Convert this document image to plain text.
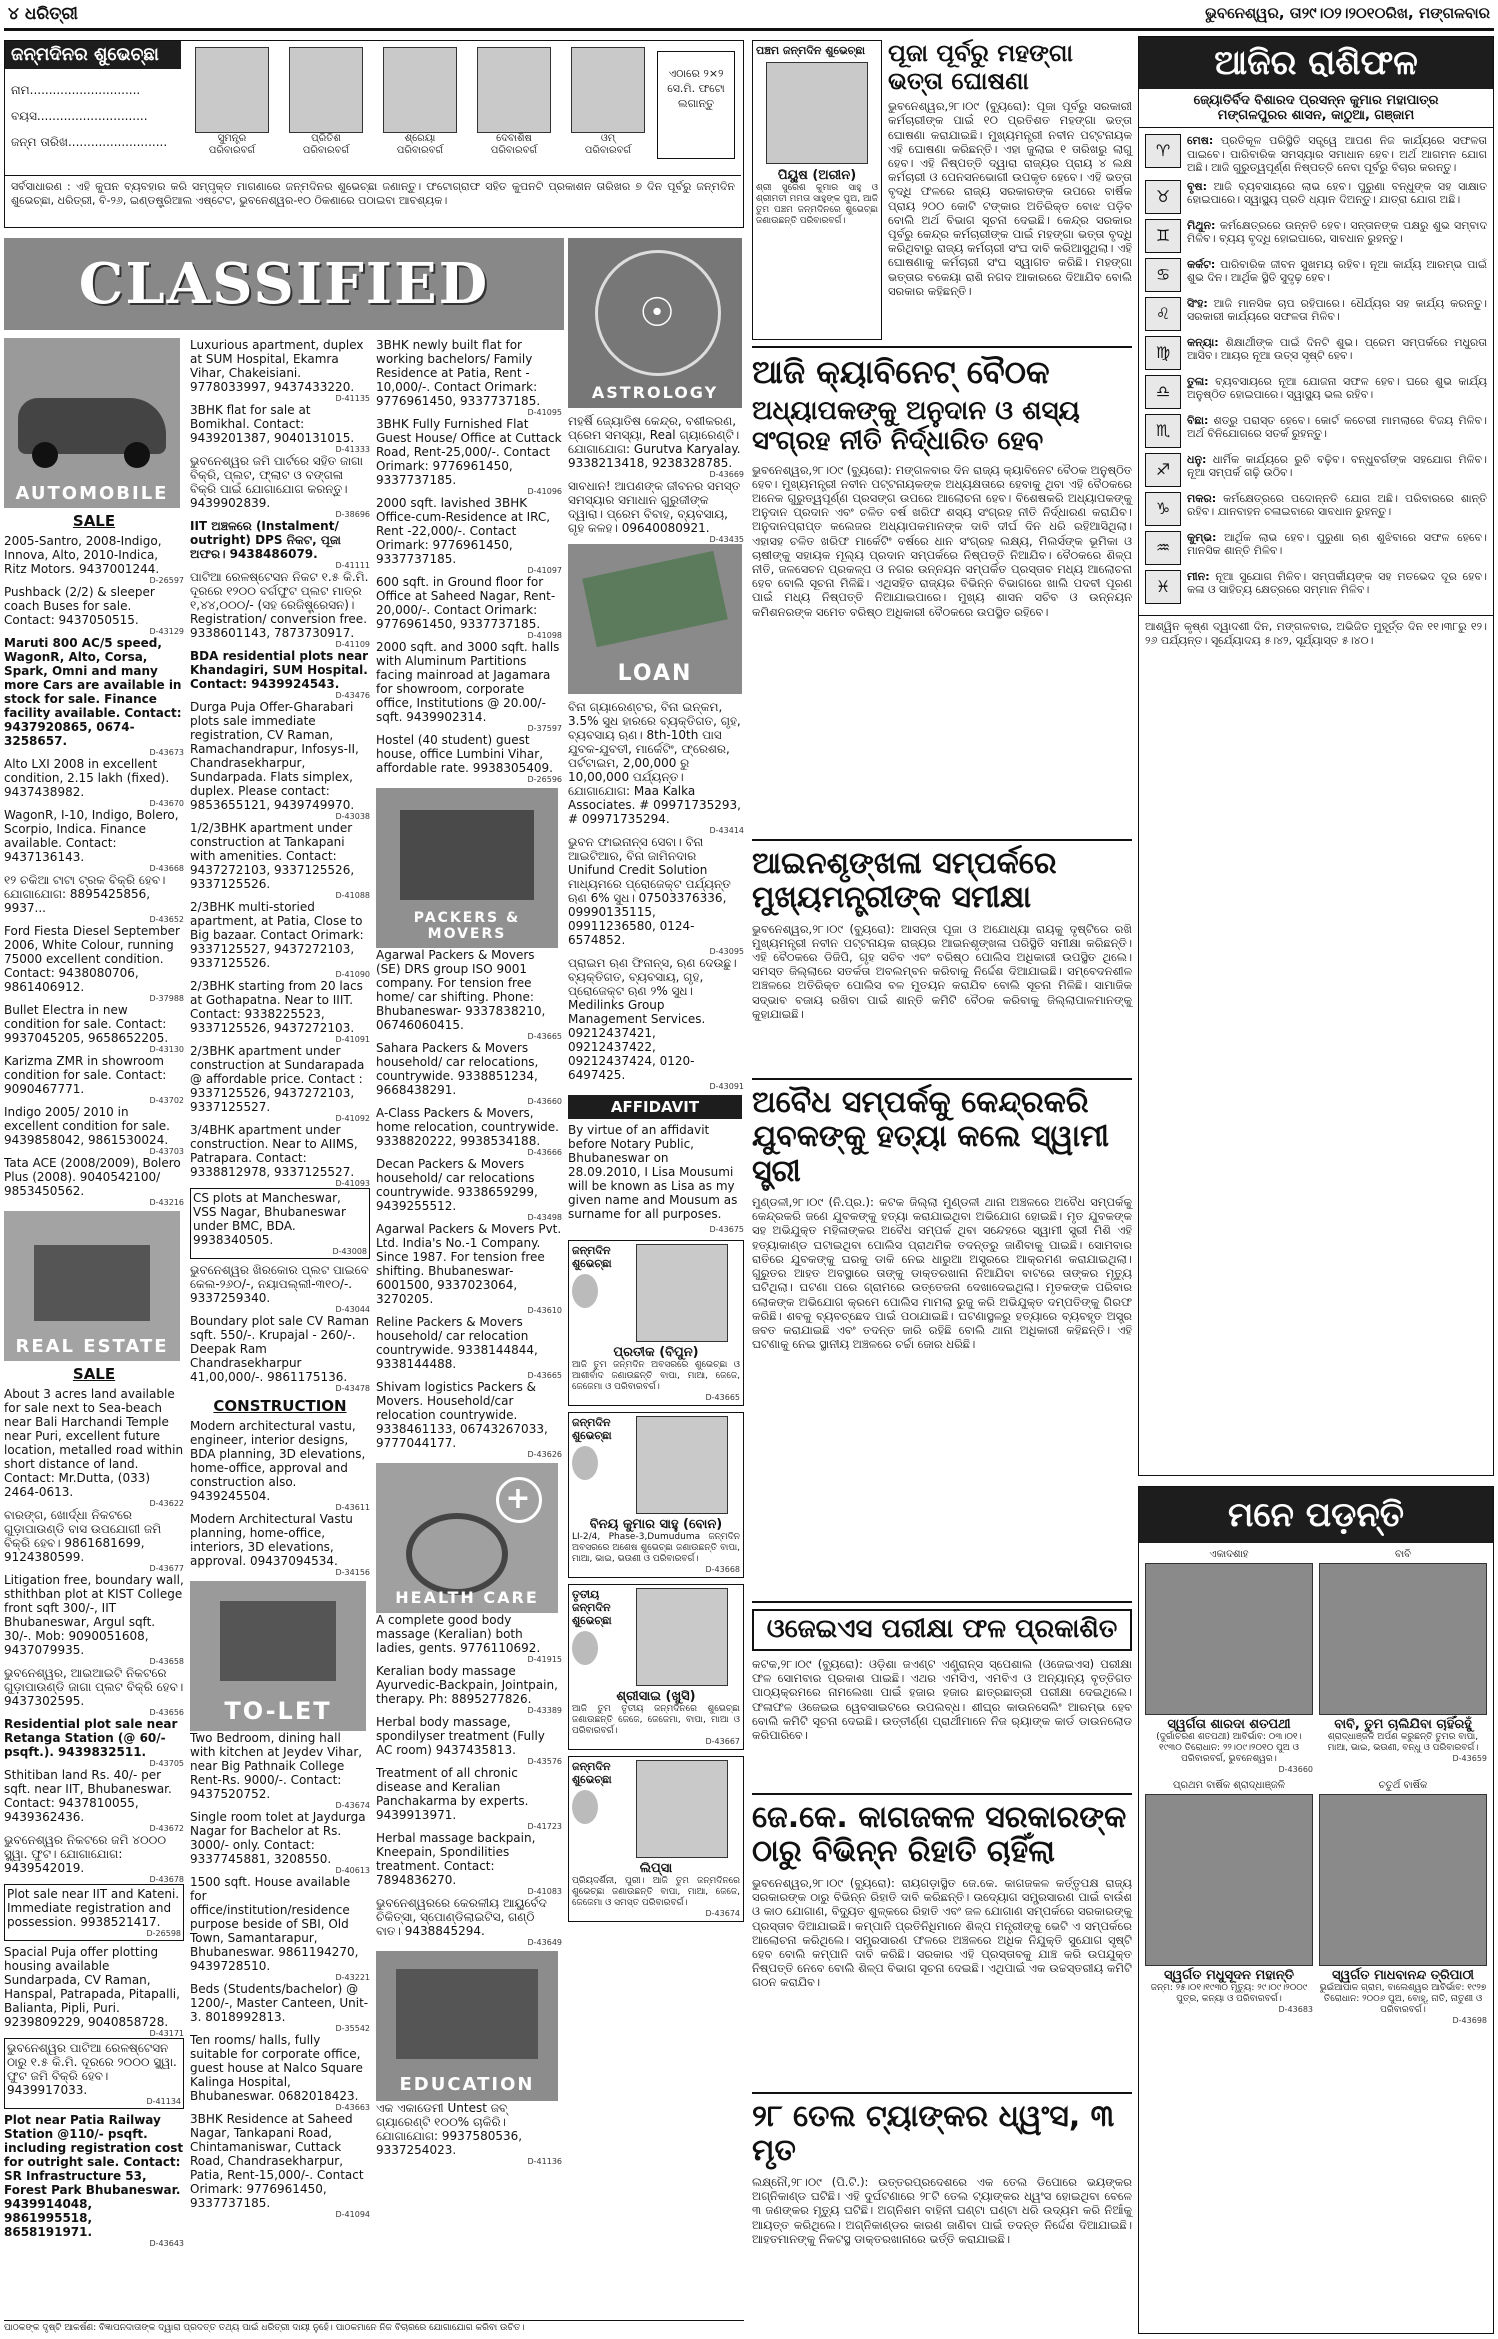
୪ ଧରିତ୍ରୀ	ଭୁବନେଶ୍ୱର, ତା୨୯।୦୨।୨୦୧୦ରିଖ, ମଙ୍ଗଳବାର
ଜନ୍ମଦିନର ଶୁଭେଚ୍ଛା
ନାମ.............................
ବୟସ.............................
ଜନ୍ମ ତାରିଖ..........................	ସୁମନ୍ତ୍ର
ପରିବାରବର୍ଗ
ପ୍ରିତିଶ
ପରିବାରବର୍ଗ
ଶ୍ରେୟା
ପରିବାରବର୍ଗ
ଦେବାଶିଷ
ପରିବାରବର୍ଗ
ଓମ୍
ପରିବାରବର୍ଗ
ଏଠାରେ ୨×୨ ସେ.ମି. ଫଟୋ ଲଗାନ୍ତୁ
ସର୍ବସାଧାରଣ : ଏହି କୁପନ ବ୍ୟବହାର କରି ସମ୍ପୃକ୍ତ ମାଗଣାରେ ଜନ୍ମଦିନର ଶୁଭେଚ୍ଛା ଜଣାନ୍ତୁ। ଫଟୋଗ୍ରାଫ ସହିତ କୁପନଟି ପ୍ରକାଶନ ତାରିଖର ୭ ଦିନ ପୂର୍ବରୁ ଜନ୍ମଦିନ ଶୁଭେଚ୍ଛା, ଧରିତ୍ରୀ, ବି-୨୬, ଇଣ୍ଡଷ୍ଟ୍ରିଆଲ ଏଷ୍ଟେଟ, ଭୁବନେଶ୍ୱର-୧୦ ଠିକଣାରେ ପଠାଇବା ଆବଶ୍ୟକ।
CLASSIFIED
AUTOMOBILE
SALE
2005-Santro, 2008-Indigo, Innova, Alto, 2010-Indica, Ritz Motors. 9437001244.
D-26597
Pushback (2/2) & sleeper coach Buses for sale. Contact: 9437050515.
D-43129
Maruti 800 AC/5 speed, WagonR, Alto, Corsa, Spark, Omni and many more Cars are available in stock for sale. Finance facility available. Contact: 9437920865, 0674-3258657.
D-43673
Alto LXI 2008 in excellent condition, 2.15 lakh (fixed). 9437438982.
D-43670
WagonR, I-10, Indigo, Bolero, Scorpio, Indica. Finance available. Contact: 9437136143.
D-43668
୧୨ ଚକିଆ ଟାଟା ଟ୍ରକ ବିକ୍ରି ହେବ। ଯୋଗାଯୋଗ: 8895425856, 9937...
D-43652
Ford Fiesta Diesel September 2006, White Colour, running 75000 excellent condition. Contact: 9438080706, 9861406912.
D-37988
Bullet Electra in new condition for sale. Contact: 9937045205, 9658652205.
D-43130
Karizma ZMR in showroom condition for sale. Contact: 9090467771.
D-43702
Indigo 2005/ 2010 in excellent condition for sale. 9439858042, 9861530024.
D-43703
Tata ACE (2008/2009), Bolero Plus (2008). 9040542100/ 9853450562.
D-43216
REAL ESTATE
SALE
About 3 acres land available for sale next to Sea-beach near Bali Harchandi Temple near Puri, excellent future location, metalled road within short distance of land. Contact: Mr.Dutta, (033) 2464-0613.
D-43622
ବାରଙ୍ଗ, ଖୋର୍ଦ୍ଧା ନିକଟରେ ଗୁଡ଼ାପାଉଣ୍ଡି ବାସ ଉପଯୋଗୀ ଜମି ବିକ୍ରି ହେବ। 9861681699, 9124380599.
D-43677
Litigation free, boundary wall, sthithban plot at KIST College front sqft 300/-, IIT Bhubaneswar, Argul sqft. 30/-. Mob: 9090051608, 9437079935.
D-43658
ଭୁବନେଶ୍ୱର, ଆଇଆଇଟି ନିକଟରେ ଗୁଡ଼ାପାଉଣ୍ଡି ଜାଗା ପ୍ଲଟ ବିକ୍ରି ହେବ। 9437302595.
D-43656
Residential plot sale near Retanga Station (@ 60/-psqft.). 9439832511.
D-43705
Sthitiban land Rs. 40/- per sqft. near IIT, Bhubaneswar. Contact: 9437810055, 9439362436.
D-43672
ଭୁବନେଶ୍ୱର ନିକଟରେ ଜମି ୪୦୦୦ ସ୍କ୍ୱା. ଫୁଟ। ଯୋଗାଯୋଗ: 9439542019.
D-43678
Plot sale near IIT and Kateni. Immediate registration and possession. 9938521417.
D-26598
Spacial Puja offer plotting housing available Sundarpada, CV Raman, Hanspal, Patrapada, Pitapalli, Balianta, Pipli, Puri. 9239809229, 9040858728.
D-43171
ଭୁବନେଶ୍ୱର ପାଟିଆ ରେଳଷ୍ଟେସନ ଠାରୁ ୧.୫ କି.ମି. ଦୂରରେ ୨୦୦୦ ସ୍କ୍ୱା. ଫୁଟ ଜମି ବିକ୍ରି ହେବ। 9439917033.
D-41134
Plot near Patia Railway Station @110/- psqft. including registration cost for outright sale. Contact: SR Infrastructure 53, Forest Park Bhubaneswar. 9439914048, 9861995518, 8658191971.
D-43643
Luxurious apartment, duplex at SUM Hospital, Ekamra Vihar, Chakeisiani. 9778033997, 9437433220.
D-41135
3BHK flat for sale at Bomikhal. Contact: 9439201387, 9040131015.
D-41333
ଭୁବନେଶ୍ୱର ଜମି ପାର୍ଟରେ ସହିତ ଜାଗା ବିକ୍ରି, ପ୍ଲଟ, ଫ୍ଲାଟ ଓ ବଙ୍ଗଳା ବିକ୍ରି ପାଇଁ ଯୋଗାଯୋଗ କରନ୍ତୁ। 9439902839.
D-38696
IIT ଅଞ୍ଚଳରେ (Instalment/ outright) DPS ନିକଟ, ପୂଜା ଅଫର। 9438486079.
D-41111
ପାଟିଆ ରେଳଷ୍ଟେସନ ନିକଟ ୧.୫ କି.ମି. ଦୂରରେ ୧୨୦୦ ବର୍ଗଫୁଟ ପ୍ଲଟ ମାତ୍ର ୧,୪୪,୦୦୦/- (ସହ ରେଜିଷ୍ଟ୍ରେସନ)। Registration/ conversion free. 9338601143, 7873730917.
D-41109
BDA residential plots near Khandagiri, SUM Hospital. Contact: 9439924543.
D-43476
Durga Puja Offer-Gharabari plots sale immediate registration, CV Raman, Ramachandrapur, Infosys-II, Chandrasekharpur, Sundarpada. Flats simplex, duplex. Please contact: 9853655121, 9439749970.
D-43038
1/2/3BHK apartment under construction at Tankapani with amenities. Contact: 9437272103, 9337125526, 9337125526.
D-41088
2/3BHK multi-storied apartment, at Patia, Close to Big bazaar. Contact Orimark: 9337125527, 9437272103, 9337125526.
D-41090
2/3BHK starting from 20 lacs at Gothapatna. Near to IIIT. Contact: 9338225523, 9337125526, 9437272103.
D-41091
2/3BHK apartment under construction at Sundarapada @ affordable price. Contact : 9337125526, 9437272103, 9337125527.
D-41092
3/4BHK apartment under construction. Near to AIIMS, Patrapara. Contact: 9338812978, 9337125527.
D-41093
CS plots at Mancheswar, VSS Nagar, Bhubaneswar under BMC, BDA. 9938340505.
D-43008
ଭୁବନେଶ୍ୱର ଖିରକୋର ପ୍ଲଟ ପାଇବେ କେଲ-୨୬୦/-, ନୟାପଲ୍ଲୀ-୩୧୦/-. 9337259340.
D-43044
Boundary plot sale CV Raman sqft. 550/-. Krupajal - 260/-. Deepak Ram Chandrasekharpur 41,00,000/-. 9861175136.
D-43478
CONSTRUCTION
Modern architectural vastu, engineer, interior designs, BDA planning, 3D elevations, home-office, approval and construction also. 9439245504.
D-43611
Modern Architectural Vastu planning, home-office, interiors, 3D elevations, approval. 09437094534.
D-34156
TO-LET
Two Bedroom, dining hall with kitchen at Jeydev Vihar, near Big Pathnaik College Rent-Rs. 9000/-. Contact: 9437520752.
D-43674
Single room tolet at Jaydurga Nagar for Bachelor at Rs. 3000/- only. Contact: 9337745881, 3208550.
D-40613
1500 sqft. House available for office/institution/residence purpose beside of SBI, Old Town, Samantarapur, Bhubaneswar. 9861194270, 9439728510.
D-43221
Beds (Students/bachelor) @ 1200/-, Master Canteen, Unit-3. 8018992813.
D-35542
Ten rooms/ halls, fully suitable for corporate office, guest house at Nalco Square Kalinga Hospital, Bhubaneswar. 0682018423.
D-43663
3BHK Residence at Saheed Nagar, Tankapani Road, Chintamaniswar, Cuttack Road, Chandrasekharpur, Patia, Rent-15,000/-. Contact Orimark: 9776961450, 9337737185.
D-41094
3BHK newly built flat for working bachelors/ Family Residence at Patia, Rent - 10,000/-. Contact Orimark: 9776961450, 9337737185.
D-41095
3BHK Fully Furnished Flat Guest House/ Office at Cuttack Road, Rent-25,000/-. Contact Orimark: 9776961450, 9337737185.
D-41096
2000 sqft. lavished 3BHK Office-cum-Residence at IRC, Rent -22,000/-. Contact Orimark: 9776961450, 9337737185.
D-41097
600 sqft. in Ground floor for Office at Saheed Nagar, Rent-20,000/-. Contact Orimark: 9776961450, 9337737185.
D-41098
2000 sqft. and 3000 sqft. halls with Aluminum Partitions facing mainroad at Jagamara for showroom, corporate office, Institutions @ 20.00/- sqft. 9439902314.
D-37597
Hostel (40 student) guest house, office Lumbini Vihar, affordable rate. 9938305409.
D-26596
PACKERS & MOVERS
Agarwal Packers & Movers (SE) DRS group ISO 9001 company. For tension free home/ car shifting. Phone: Bhubaneswar- 9337838210, 06746060415.
D-43665
Sahara Packers & Movers household/ car relocations, countrywide. 9338851234, 9668438291.
D-43660
A-Class Packers & Movers, home relocation, countrywide. 9338820222, 9938534188.
D-43666
Decan Packers & Movers household/ car relocations countrywide. 9338659299, 9439255512.
D-43498
Agarwal Packers & Movers Pvt. Ltd. India's No.-1 Company. Since 1987. For tension free shifting. Bhubaneswar- 6001500, 9337023064, 3270205.
D-43610
Reline Packers & Movers household/ car relocation countrywide. 9338144844, 9338144488.
D-43665
Shivam logistics Packers & Movers. Household/car relocation countrywide. 9338461133, 06743267033, 9777044177.
D-43626
+
HEALTH CARE
A complete good body massage (Keralian) both ladies, gents. 9776110692.
D-41915
Keralian body massage Ayurvedic-Backpain, Jointpain, therapy. Ph: 8895277826.
D-43389
Herbal body massage, spondilyser treatment (Fully AC room) 9437435813.
D-43576
Treatment of all chronic disease and Keralian Panchakarma by experts. 9439913971.
D-41723
Herbal massage backpain, Kneepain, Spondilities treatment. Contact: 7894836270.
D-41083
ଭୁବନେଶ୍ୱରରେ କେରଳୀୟ ଆୟୁର୍ବେଦ ଚିକିତ୍ସା, ସ୍ପୋଣ୍ଡିଲାଇଟିସ, ଗଣ୍ଠି ବାତ। 9438845294.
D-43649
EDUCATION
ଏକ ଏକାଡେମୀ Untest ଜବ୍‌ ଗ୍ୟାରେଣ୍ଟି ୧୦୦% ଚାକିରି। ଯୋଗାଯୋଗ: 9937580536, 9337254023.
D-41136
☉
ASTROLOGY
ମହର୍ଷି ଜ୍ୟୋତିଷ କେନ୍ଦ୍ର, ବଶୀକରଣ, ପ୍ରେମ ସମସ୍ୟା, Real ଗ୍ୟାରେଣ୍ଟି। ଯୋଗାଯୋଗ: Gurutva Karyalay. 9338213418, 9238328785.
D-43669
ସାବଧାନ! ଆପଣଙ୍କ ଜୀବନର ସମସ୍ତ ସମସ୍ୟାର ସମାଧାନ ଗୁରୁଜୀଙ୍କ ଦ୍ୱାରା। ପ୍ରେମ ବିବାହ, ବ୍ୟବସାୟ, ଗୃହ କଳହ। 09640080921.
D-43435
LOAN
ବିନା ଗ୍ୟାରେଣ୍ଟର, ବିନା ଇନ୍‌କମ, 3.5% ସୁଧ ହାରରେ ବ୍ୟକ୍ତିଗତ, ଗୃହ, ବ୍ୟବସାୟ ଋଣ। 8th-10th ପାସ ଯୁବକ-ଯୁବତୀ, ମାର୍କେଟିଂ, ଫ୍ରେଶର, ପର୍ଟଟାଇମ, 2,00,000 ରୁ 10,00,000 ପର୍ଯ୍ୟନ୍ତ। ଯୋଗାଯୋଗ: Maa Kalka Associates. # 09971735293, # 09971735294.
D-43414
ଭୁବନ ଫାଇନାନ୍ସ ସେବା। ବିନା ଆଇଟିଆର, ବିନା ଜାମିନଦାର Unifund Credit Solution ମାଧ୍ୟମରେ ପ୍ରୋଜେକ୍ଟ ପର୍ଯ୍ୟନ୍ତ ଋଣ 6% ସୁଧ। 07503376336, 09990135115, 09911236580, 0124-6574852.
D-43095
ପ୍ରାଇମ ଋଣ ଫିନାନ୍ସ, ଋଣ ଦେଉଛୁ। ବ୍ୟକ୍ତିଗତ, ବ୍ୟବସାୟ, ଗୃହ, ପ୍ରୋଜେକ୍ଟ ଋଣ ୨% ସୁଧ। Medilinks Group Management Services. 09212437421, 09212437422, 09212437424, 0120-6497425.
D-43091
AFFIDAVIT
By virtue of an affidavit before Notary Public, Bhubaneswar on 28.09.2010, I Lisa Mousumi will be known as Lisa as my given name and Mousum as surname for all purposes.
D-43675
ଜନ୍ମଦିନ ଶୁଭେଚ୍ଛା
ପ୍ରତୀକ (ବିପୁନ)
ଆଜି ତୁମ ଜନ୍ମଦିନ ଅବସରରେ ଶୁଭେଚ୍ଛା ଓ ଆଶୀର୍ବାଦ ଜଣାଉଛନ୍ତି ବାପା, ମାଆ, ଜେଜେ, ଜେଜେମା ଓ ପରିବାରବର୍ଗ।
D-43665
ଜନ୍ମଦିନ ଶୁଭେଚ୍ଛା
ବିନୟ କୁମାର ସାହୁ (ବୋନ)
LI-2/4, Phase-3,Dumuduma ଜନ୍ମଦିନ ଅବସରରେ ଅଶେଷ ଶୁଭେଚ୍ଛା ଜଣାଉଛନ୍ତି ବାପା, ମାଆ, ଭାଇ, ଭଉଣୀ ଓ ପରିବାରବର୍ଗ।
D-43668
ତୃତୀୟ ଜନ୍ମଦିନ ଶୁଭେଚ୍ଛା
ଶ୍ରୀସାଇ (ଖୁସି)
ଆଜି ତୁମ ତୃତୀୟ ଜନ୍ମଦିନରେ ଶୁଭେଚ୍ଛା ଜଣାଉଛନ୍ତି ଜେଜେ, ଜେଜେମା, ବାପା, ମାଆ ଓ ପରିବାରବର୍ଗ।
D-43667
ଜନ୍ମଦିନ ଶୁଭେଚ୍ଛା
ଲିପ୍‌ସା
ପ୍ରିୟଦର୍ଶିନୀ, ପୁରୀ। ଆଜି ତୁମ ଜନ୍ମଦିନରେ ଶୁଭେଚ୍ଛା ଜଣାଉଛନ୍ତି ବାପା, ମାଆ, ଜେଜେ, ଜେଜେମା ଓ ସମସ୍ତ ପରିବାରବର୍ଗ।
D-43674
ପାଠକଙ୍କ ଦୃଷ୍ଟି ଆକର୍ଷଣ: ବିଜ୍ଞାପନଦାତାଙ୍କ ଦ୍ୱାରା ପ୍ରଦତ୍ତ ତଥ୍ୟ ପାଇଁ ଧରିତ୍ରୀ ଦାୟୀ ନୁହେଁ। ପାଠକମାନେ ନିଜ ବିଚାରରେ ଯୋଗାଯୋଗ କରିବା ଉଚିତ।
ପଞ୍ଚମ ଜନ୍ମଦିନ ଶୁଭେଚ୍ଛା
ପିୟୁଷ (ଅରୀନ)
ଶ୍ରୀ ସୁରେଶ କୁମାର ସାହୁ ଓ ଶ୍ରୀମତୀ ମମତା ସାହୁଙ୍କ ପୁଅ, ଆଜି ତୁମ ପଞ୍ଚମ ଜନ୍ମଦିନରେ ଶୁଭେଚ୍ଛା ଜଣାଉଛନ୍ତି ପରିବାରବର୍ଗ।
ପୂଜା ପୂର୍ବରୁ ମହଙ୍ଗା ଭତ୍ତା ଘୋଷଣା
ଭୁବନେଶ୍ୱର,୨୮।୦୯ (ବ୍ୟୁରୋ): ପୂଜା ପୂର୍ବରୁ ସରକାରୀ କର୍ମଚାରୀଙ୍କ ପାଇଁ ୧୦ ପ୍ରତିଶତ ମହଙ୍ଗା ଭତ୍ତା ଘୋଷଣା କରାଯାଇଛି। ମୁଖ୍ୟମନ୍ତ୍ରୀ ନବୀନ ପଟ୍ଟନାୟକ ଏହି ଘୋଷଣା କରିଛନ୍ତି। ଏହା ଜୁଲାଇ ୧ ତାରିଖରୁ ଲାଗୁ ହେବ। ଏହି ନିଷ୍ପତ୍ତି ଦ୍ୱାରା ରାଜ୍ୟର ପ୍ରାୟ ୪ ଲକ୍ଷ କର୍ମଚାରୀ ଓ ପେନସନଭୋଗୀ ଉପକୃତ ହେବେ। ଏହି ଭତ୍ତା ବୃଦ୍ଧି ଫଳରେ ରାଜ୍ୟ ସରକାରଙ୍କ ଉପରେ ବାର୍ଷିକ ପ୍ରାୟ ୨୦୦ କୋଟି ଟଙ୍କାର ଅତିରିକ୍ତ ବୋଝ ପଡ଼ିବ ବୋଲି ଅର୍ଥ ବିଭାଗ ସୂଚନା ଦେଇଛି। କେନ୍ଦ୍ର ସରକାର ପୂର୍ବରୁ କେନ୍ଦ୍ର କର୍ମଚାରୀଙ୍କ ପାଇଁ ମହଙ୍ଗା ଭତ୍ତା ବୃଦ୍ଧି କରିଥିବାରୁ ରାଜ୍ୟ କର୍ମଚାରୀ ସଂଘ ଦାବି କରିଆସୁଥିଲା। ଏହି ଘୋଷଣାକୁ କର୍ମଚାରୀ ସଂଘ ସ୍ୱାଗତ କରିଛି। ମହଙ୍ଗା ଭତ୍ତାର ବକେୟା ରାଶି ନଗଦ ଆକାରରେ ଦିଆଯିବ ବୋଲି ସରକାର କହିଛନ୍ତି।
ଆଜି କ୍ୟାବିନେଟ୍ ବୈଠକ
ଅଧ୍ୟାପକଙ୍କୁ ଅନୁଦାନ ଓ ଶସ୍ୟ ସଂଗ୍ରହ ନୀତି ନିର୍ଦ୍ଧାରିତ ହେବ
ଭୁବନେଶ୍ୱର,୨୮।୦୯ (ବ୍ୟୁରୋ): ମଙ୍ଗଳବାର ଦିନ ରାଜ୍ୟ କ୍ୟାବିନେଟ ବୈଠକ ଅନୁଷ୍ଠିତ ହେବ। ମୁଖ୍ୟମନ୍ତ୍ରୀ ନବୀନ ପଟ୍ଟନାୟକଙ୍କ ଅଧ୍ୟକ୍ଷତାରେ ହେବାକୁ ଥିବା ଏହି ବୈଠକରେ ଅନେକ ଗୁରୁତ୍ୱପୂର୍ଣ୍ଣ ପ୍ରସଙ୍ଗ ଉପରେ ଆଲୋଚନା ହେବ। ବିଶେଷକରି ଅଧ୍ୟାପକଙ୍କୁ ଅନୁଦାନ ପ୍ରଦାନ ଏବଂ ଚଳିତ ବର୍ଷ ଖରିଫ ଶସ୍ୟ ସଂଗ୍ରହ ନୀତି ନିର୍ଦ୍ଧାରଣ କରାଯିବ। ଅନୁଦାନପ୍ରାପ୍ତ କଲେଜର ଅଧ୍ୟାପକମାନଙ୍କ ଦାବି ଦୀର୍ଘ ଦିନ ଧରି ରହିଆସିଥିଲା। ଏହାସହ ଚଳିତ ଖରିଫ ମାର୍କେଟିଂ ବର୍ଷରେ ଧାନ ସଂଗ୍ରହ ଲକ୍ଷ୍ୟ, ମିଲର୍ସଙ୍କ ଭୂମିକା ଓ ଚାଷୀଙ୍କୁ ସହାୟକ ମୂଲ୍ୟ ପ୍ରଦାନ ସମ୍ପର୍କରେ ନିଷ୍ପତ୍ତି ନିଆଯିବ। ବୈଠକରେ ଶିଳ୍ପ ନୀତି, ଜଳସେଚନ ପ୍ରକଳ୍ପ ଓ ନଗର ଉନ୍ନୟନ ସମ୍ପର୍କିତ ପ୍ରସ୍ତାବ ମଧ୍ୟ ଆଲୋଚନା ହେବ ବୋଲି ସୂଚନା ମିଳିଛି। ଏଥିସହିତ ରାଜ୍ୟର ବିଭିନ୍ନ ବିଭାଗରେ ଖାଲି ପଦବୀ ପୂରଣ ପାଇଁ ମଧ୍ୟ ନିଷ୍ପତ୍ତି ନିଆଯାଇପାରେ। ମୁଖ୍ୟ ଶାସନ ସଚିବ ଓ ଉନ୍ନୟନ କମିଶନରଙ୍କ ସମେତ ବରିଷ୍ଠ ଅଧିକାରୀ ବୈଠକରେ ଉପସ୍ଥିତ ରହିବେ।
ଆଇନଶୃଙ୍ଖଳା ସମ୍ପର୍କରେ ମୁଖ୍ୟମନ୍ତ୍ରୀଙ୍କ ସମୀକ୍ଷା
ଭୁବନେଶ୍ୱର,୨୮।୦୯ (ବ୍ୟୁରୋ): ଆସନ୍ତା ପୂଜା ଓ ଅଯୋଧ୍ୟା ରାୟକୁ ଦୃଷ୍ଟିରେ ରଖି ମୁଖ୍ୟମନ୍ତ୍ରୀ ନବୀନ ପଟ୍ଟନାୟକ ରାଜ୍ୟର ଆଇନଶୃଙ୍ଖଳା ପରିସ୍ଥିତି ସମୀକ୍ଷା କରିଛନ୍ତି। ଏହି ବୈଠକରେ ଡିଜିପି, ଗୃହ ସଚିବ ଏବଂ ବରିଷ୍ଠ ପୋଲିସ ଅଧିକାରୀ ଉପସ୍ଥିତ ଥିଲେ। ସମସ୍ତ ଜିଲ୍ଲାରେ ସତର୍କତା ଅବଲମ୍ବନ କରିବାକୁ ନିର୍ଦ୍ଦେଶ ଦିଆଯାଇଛି। ସମ୍ବେଦନଶୀଳ ଅଞ୍ଚଳରେ ଅତିରିକ୍ତ ପୋଲିସ ବଳ ମୁତୟନ କରାଯିବ ବୋଲି ସୂଚନା ମିଳିଛି। ସାମାଜିକ ସଦ୍‌ଭାବ ବଜାୟ ରଖିବା ପାଇଁ ଶାନ୍ତି କମିଟି ବୈଠକ କରିବାକୁ ଜିଲ୍ଲାପାଳମାନଙ୍କୁ କୁହାଯାଇଛି।
ଅବୈଧ ସମ୍ପର୍କକୁ କେନ୍ଦ୍ରକରି ଯୁବକଙ୍କୁ ହତ୍ୟା କଲେ ସ୍ୱାମୀ ସ୍ତ୍ରୀ
ମୁଣ୍ଡଳୀ,୨୮।୦୯ (ନି.ପ୍ର.): କଟକ ଜିଲ୍ଲା ମୁଣ୍ଡଳୀ ଥାନା ଅଞ୍ଚଳରେ ଅବୈଧ ସମ୍ପର୍କକୁ କେନ୍ଦ୍ରକରି ଜଣେ ଯୁବକଙ୍କୁ ହତ୍ୟା କରାଯାଇଥିବା ଅଭିଯୋଗ ହୋଇଛି। ମୃତ ଯୁବକଙ୍କ ସହ ଅଭିଯୁକ୍ତ ମହିଳାଙ୍କର ଅବୈଧ ସମ୍ପର୍କ ଥିବା ସନ୍ଦେହରେ ସ୍ୱାମୀ ସ୍ତ୍ରୀ ମିଶି ଏହି ହତ୍ୟାକାଣ୍ଡ ଘଟାଇଥିବା ପୋଲିସ ପ୍ରାଥମିକ ତଦନ୍ତରୁ ଜାଣିବାକୁ ପାଇଛି। ସୋମବାର ରାତିରେ ଯୁବକଙ୍କୁ ଘରକୁ ଡାକି ନେଇ ଧାରୁଆ ଅସ୍ତ୍ରରେ ଆକ୍ରମଣ କରାଯାଇଥିଲା। ଗୁରୁତର ଆହତ ଅବସ୍ଥାରେ ତାଙ୍କୁ ଡାକ୍ତରଖାନା ନିଆଯିବା ବାଟରେ ତାଙ୍କର ମୃତ୍ୟୁ ଘଟିଥିଲା। ଘଟଣା ପରେ ଗ୍ରାମରେ ଉତ୍ତେଜନା ଦେଖାଦେଇଥିଲା। ମୃତକଙ୍କ ପରିବାର ଲୋକଙ୍କ ଅଭିଯୋଗ କ୍ରମେ ପୋଲିସ ମାମଲା ରୁଜୁ କରି ଅଭିଯୁକ୍ତ ଦମ୍ପତିଙ୍କୁ ଗିରଫ କରିଛି। ଶବକୁ ବ୍ୟବଚ୍ଛେଦ ପାଇଁ ପଠାଯାଇଛି। ଘଟଣାସ୍ଥଳରୁ ହତ୍ୟାରେ ବ୍ୟବହୃତ ଅସ୍ତ୍ର ଜବତ କରାଯାଇଛି ଏବଂ ତଦନ୍ତ ଜାରି ରହିଛି ବୋଲି ଥାନା ଅଧିକାରୀ କହିଛନ୍ତି। ଏହି ଘଟଣାକୁ ନେଇ ସ୍ଥାନୀୟ ଅଞ୍ଚଳରେ ଚର୍ଚ୍ଚା ଜୋର ଧରିଛି।
ଓଜେଇଏସ ପରୀକ୍ଷା ଫଳ ପ୍ରକାଶିତ
କଟକ,୨୮।୦୯ (ବ୍ୟୁରୋ): ଓଡ଼ିଶା ଜଏଣ୍ଟ ଏଣ୍ଟ୍ରାନ୍ସ ସ୍ପେଶାଲ (ଓଜେଇଏସ) ପରୀକ୍ଷା ଫଳ ସୋମବାର ପ୍ରକାଶ ପାଇଛି। ଏଥର ଏମସିଏ, ଏମବିଏ ଓ ଅନ୍ୟାନ୍ୟ ବୃତ୍ତିଗତ ପାଠ୍ୟକ୍ରମରେ ନାମଲେଖା ପାଇଁ ହଜାର ହଜାର ଛାତ୍ରଛାତ୍ରୀ ପରୀକ୍ଷା ଦେଇଥିଲେ। ଫଳାଫଳ ଓଜେଇଇ ୱେବସାଇଟରେ ଉପଲବ୍ଧ। ଶୀଘ୍ର କାଉନସେଲିଂ ଆରମ୍ଭ ହେବ ବୋଲି କମିଟି ସୂଚନା ଦେଇଛି। ଉତ୍ତୀର୍ଣ୍ଣ ପ୍ରାର୍ଥୀମାନେ ନିଜ ର‍୍ୟାଙ୍କ କାର୍ଡ ଡାଉନଲୋଡ କରିପାରିବେ।
ଜେ.କେ. କାଗଜକଳ ସରକାରଙ୍କ ଠାରୁ ବିଭିନ୍ନ ରିହାତି ଚାହିଁଲା
ଭୁବନେଶ୍ୱର,୨୮।୦୯ (ବ୍ୟୁରୋ): ରାୟଗଡ଼ାସ୍ଥିତ ଜେ.କେ. କାଗଜକଳ କର୍ତ୍ତୃପକ୍ଷ ରାଜ୍ୟ ସରକାରଙ୍କ ଠାରୁ ବିଭିନ୍ନ ରିହାତି ଦାବି କରିଛନ୍ତି। ଉଦ୍ୟୋଗ ସମ୍ପ୍ରସାରଣ ପାଇଁ ବାଉଁଶ ଓ କାଠ ଯୋଗାଣ, ବିଦ୍ୟୁତ ଶୁଳ୍କରେ ରିହାତି ଏବଂ ଜଳ ଯୋଗାଣ ସମ୍ପର୍କରେ ସରକାରଙ୍କୁ ପ୍ରସ୍ତାବ ଦିଆଯାଇଛି। କମ୍ପାନି ପ୍ରତିନିଧିମାନେ ଶିଳ୍ପ ମନ୍ତ୍ରୀଙ୍କୁ ଭେଟି ଏ ସମ୍ପର୍କରେ ଆଲୋଚନା କରିଥିଲେ। ସମ୍ପ୍ରସାରଣ ଫଳରେ ଅଞ୍ଚଳରେ ଅଧିକ ନିଯୁକ୍ତି ସୁଯୋଗ ସୃଷ୍ଟି ହେବ ବୋଲି କମ୍ପାନି ଦାବି କରିଛି। ସରକାର ଏହି ପ୍ରସ୍ତାବକୁ ଯାଞ୍ଚ କରି ଉପଯୁକ୍ତ ନିଷ୍ପତ୍ତି ନେବେ ବୋଲି ଶିଳ୍ପ ବିଭାଗ ସୂଚନା ଦେଇଛି। ଏଥିପାଇଁ ଏକ ଉଚ୍ଚସ୍ତରୀୟ କମିଟି ଗଠନ କରାଯିବ।
୨୮ ତେଲ ଟ୍ୟାଙ୍କର ଧ୍ୱଂସ, ୩ ମୃତ
ଲକ୍ଷ୍ନୌ,୨୮।୦୯ (ପି.ଟି.): ଉତ୍ତରପ୍ରଦେଶରେ ଏକ ତେଲ ଡିପୋରେ ଭୟଙ୍କର ଅଗ୍ନିକାଣ୍ଡ ଘଟିଛି। ଏହି ଦୁର୍ଘଟଣାରେ ୨୮ଟି ତେଲ ଟ୍ୟାଙ୍କର ଧ୍ୱଂସ ହୋଇଥିବା ବେଳେ ୩ ଜଣଙ୍କର ମୃତ୍ୟୁ ଘଟିଛି। ଅଗ୍ନିଶମ ବାହିନୀ ଘଣ୍ଟା ଘଣ୍ଟା ଧରି ଉଦ୍ୟମ କରି ନିଆଁକୁ ଆୟତ୍ତ କରିଥିଲେ। ଅଗ୍ନିକାଣ୍ଡର କାରଣ ଜାଣିବା ପାଇଁ ତଦନ୍ତ ନିର୍ଦ୍ଦେଶ ଦିଆଯାଇଛି। ଆହତମାନଙ୍କୁ ନିକଟସ୍ଥ ଡାକ୍ତରଖାନାରେ ଭର୍ତ୍ତି କରାଯାଇଛି।
ଆଜିର ରାଶିଫଳ
ଜ୍ୟୋତିର୍ବିଦ ବିଶାରଦ ପ୍ରସନ୍ନ କୁମାର ମହାପାତ୍ର
ମଙ୍ଗଳପୁରର ଶାସନ, କାଠୁଆ, ଗଞ୍ଜାମ
♈
ମେଷ: ପ୍ରତିକୂଳ ପରିସ୍ଥିତି ସତ୍ତ୍ୱେ ଆପଣ ନିଜ କାର୍ଯ୍ୟରେ ସଫଳତା ପାଇବେ। ପାରିବାରିକ ସମସ୍ୟାର ସମାଧାନ ହେବ। ଅର୍ଥ ଆଗମନ ଯୋଗ ଅଛି। ଆଜି ଗୁରୁତ୍ୱପୂର୍ଣ୍ଣ ନିଷ୍ପତ୍ତି ନେବା ପୂର୍ବରୁ ବିଚାର କରନ୍ତୁ।
♉
ବୃଷ: ଆଜି ବ୍ୟବସାୟରେ ଲାଭ ହେବ। ପୁରୁଣା ବନ୍ଧୁଙ୍କ ସହ ସାକ୍ଷାତ ହୋଇପାରେ। ସ୍ୱାସ୍ଥ୍ୟ ପ୍ରତି ଧ୍ୟାନ ଦିଅନ୍ତୁ। ଯାତ୍ରା ଯୋଗ ଅଛି।
♊
ମିଥୁନ: କର୍ମକ୍ଷେତ୍ରରେ ଉନ୍ନତି ହେବ। ସନ୍ତାନଙ୍କ ପକ୍ଷରୁ ଶୁଭ ସମ୍ବାଦ ମିଳିବ। ବ୍ୟୟ ବୃଦ୍ଧି ହୋଇପାରେ, ସାବଧାନ ରୁହନ୍ତୁ।
♋
କର୍କଟ: ପାରିବାରିକ ଜୀବନ ସୁଖମୟ ରହିବ। ନୂଆ କାର୍ଯ୍ୟ ଆରମ୍ଭ ପାଇଁ ଶୁଭ ଦିନ। ଆର୍ଥିକ ସ୍ଥିତି ସୁଦୃଢ଼ ହେବ।
♌
ସିଂହ: ଆଜି ମାନସିକ ଚାପ ରହିପାରେ। ଧୈର୍ଯ୍ୟର ସହ କାର୍ଯ୍ୟ କରନ୍ତୁ। ସରକାରୀ କାର୍ଯ୍ୟରେ ସଫଳତା ମିଳିବ।
♍
କନ୍ୟା: ଶିକ୍ଷାର୍ଥୀଙ୍କ ପାଇଁ ଦିନଟି ଶୁଭ। ପ୍ରେମ ସମ୍ପର୍କରେ ମଧୁରତା ଆସିବ। ଆୟର ନୂଆ ଉତ୍ସ ସୃଷ୍ଟି ହେବ।
♎
ତୁଳା: ବ୍ୟବସାୟରେ ନୂଆ ଯୋଜନା ସଫଳ ହେବ। ଘରେ ଶୁଭ କାର୍ଯ୍ୟ ଅନୁଷ୍ଠିତ ହୋଇପାରେ। ସ୍ୱାସ୍ଥ୍ୟ ଭଲ ରହିବ।
♏
ବିଛା: ଶତ୍ରୁ ପରାସ୍ତ ହେବେ। କୋର୍ଟ କଚେରୀ ମାମଲାରେ ବିଜୟ ମିଳିବ। ଅର୍ଥ ବିନିଯୋଗରେ ସତର୍କ ରୁହନ୍ତୁ।
♐
ଧନୁ: ଧାର୍ମିକ କାର୍ଯ୍ୟରେ ରୁଚି ବଢ଼ିବ। ବନ୍ଧୁବର୍ଗଙ୍କ ସହଯୋଗ ମିଳିବ। ନୂଆ ସମ୍ପର୍କ ଗଢ଼ି ଉଠିବ।
♑
ମକର: କର୍ମକ୍ଷେତ୍ରରେ ପଦୋନ୍ନତି ଯୋଗ ଅଛି। ପରିବାରରେ ଶାନ୍ତି ରହିବ। ଯାନବାହନ ଚଳାଇବାରେ ସାବଧାନ ରୁହନ୍ତୁ।
♒
କୁମ୍ଭ: ଆର୍ଥିକ ଲାଭ ହେବ। ପୁରୁଣା ଋଣ ଶୁଝିବାରେ ସଫଳ ହେବେ। ମାନସିକ ଶାନ୍ତି ମିଳିବ।
♓
ମୀନ: ନୂଆ ସୁଯୋଗ ମିଳିବ। ସମ୍ପର୍କୀୟଙ୍କ ସହ ମତଭେଦ ଦୂର ହେବ। କଳା ଓ ସାହିତ୍ୟ କ୍ଷେତ୍ରରେ ସମ୍ମାନ ମିଳିବ।
ଆଶ୍ୱିନ କୃଷ୍ଣ ଦ୍ୱାଦଶୀ ଦିନ, ମଙ୍ଗଳବାର, ଅଭିଜିତ ମୁହୂର୍ତ୍ତ ଦିନ ୧୧।୩୮ରୁ ୧୨।୨୬ ପର୍ଯ୍ୟନ୍ତ। ସୂର୍ଯ୍ୟୋଦୟ ୫।୪୨, ସୂର୍ଯ୍ୟାସ୍ତ ୫।୪୦।
ମନେ ପଡ଼ନ୍ତି
ଏକାଦଶାହ
ସ୍ୱର୍ଗତା ଶାରଦା ଶତପଥୀ
(ଦୁର୍ଗାଚରଣ ଶତପଥୀ) ଆବିର୍ଭାବ: ୦୩।୦୧।୧୯୩୦ ତିରୋଧାନ: ୨୨।୦୯।୨୦୧୦ ପୁଅ ଓ ପରିବାରବର୍ଗ, ଭୁବନେଶ୍ୱର।
D-43660
ବାବି
ବାବି, ତୁମ ଚାଲିଯିବା ଚାହିଁରହୁଁ
ଶ୍ରାଦ୍ଧାଞ୍ଜଳି ଅର୍ପଣ କରୁଛନ୍ତି ତୁମର ବାପା, ମାଆ, ଭାଇ, ଭଉଣୀ, ବନ୍ଧୁ ଓ ପରିବାରବର୍ଗ।
D-43659
ପ୍ରଥମ ବାର୍ଷିକ ଶ୍ରାଦ୍ଧାଞ୍ଜଳି
ସ୍ୱର୍ଗତ ମଧୁସୂଦନ ମହାନ୍ତି
ଜନ୍ମ: ୨୫।୦୧।୧୯୩୦ ମୃତ୍ୟୁ: ୨୯।୦୯।୨୦୦୯ ପୁତ୍ର, କନ୍ୟା ଓ ପରିବାରବର୍ଗ।
D-43683
ଚତୁର୍ଥ ବାର୍ଷିକ
ସ୍ୱର୍ଗତ ମାଧବାନନ୍ଦ ତ୍ରିପାଠୀ
ଭୁଇଁଆପାଳ ଗ୍ରାମ, ବାଲେଶ୍ୱର ଆବିର୍ଭାବ: ୧୯୨୭ ତିରୋଧାନ: ୨୦୦୬ ପୁଅ, ବୋହୂ, ନାତି, ନାତୁଣୀ ଓ ପରିବାରବର୍ଗ।
D-43698
